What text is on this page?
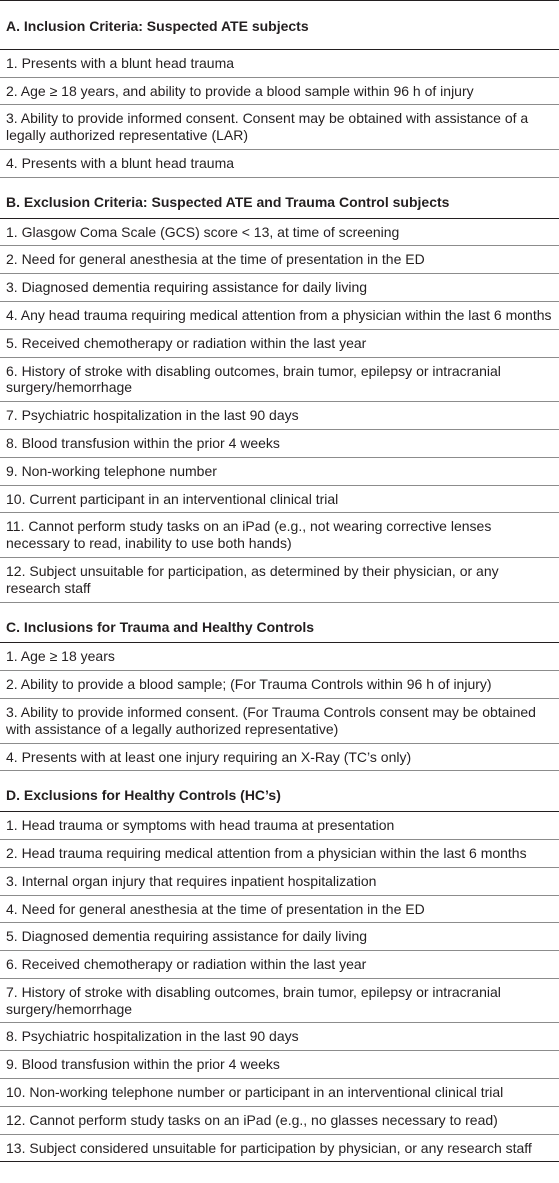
A. Inclusion Criteria: Suspected ATE subjects
1. Presents with a blunt head trauma
2. Age ≥ 18 years, and ability to provide a blood sample within 96 h of injury
3. Ability to provide informed consent. Consent may be obtained with assistance of a legally authorized representative (LAR)
4. Presents with a blunt head trauma
B. Exclusion Criteria: Suspected ATE and Trauma Control subjects
1. Glasgow Coma Scale (GCS) score < 13, at time of screening
2. Need for general anesthesia at the time of presentation in the ED
3. Diagnosed dementia requiring assistance for daily living
4. Any head trauma requiring medical attention from a physician within the last 6 months
5. Received chemotherapy or radiation within the last year
6. History of stroke with disabling outcomes, brain tumor, epilepsy or intracranial surgery/hemorrhage
7. Psychiatric hospitalization in the last 90 days
8. Blood transfusion within the prior 4 weeks
9. Non-working telephone number
10. Current participant in an interventional clinical trial
11. Cannot perform study tasks on an iPad (e.g., not wearing corrective lenses necessary to read, inability to use both hands)
12. Subject unsuitable for participation, as determined by their physician, or any research staff
C. Inclusions for Trauma and Healthy Controls
1. Age ≥ 18 years
2. Ability to provide a blood sample; (For Trauma Controls within 96 h of injury)
3. Ability to provide informed consent. (For Trauma Controls consent may be obtained with assistance of a legally authorized representative)
4. Presents with at least one injury requiring an X-Ray (TC’s only)
D. Exclusions for Healthy Controls (HC’s)
1. Head trauma or symptoms with head trauma at presentation
2. Head trauma requiring medical attention from a physician within the last 6 months
3. Internal organ injury that requires inpatient hospitalization
4. Need for general anesthesia at the time of presentation in the ED
5. Diagnosed dementia requiring assistance for daily living
6. Received chemotherapy or radiation within the last year
7. History of stroke with disabling outcomes, brain tumor, epilepsy or intracranial surgery/hemorrhage
8. Psychiatric hospitalization in the last 90 days
9. Blood transfusion within the prior 4 weeks
10. Non-working telephone number or participant in an interventional clinical trial
12. Cannot perform study tasks on an iPad (e.g., no glasses necessary to read)
13. Subject considered unsuitable for participation by physician, or any research staff
